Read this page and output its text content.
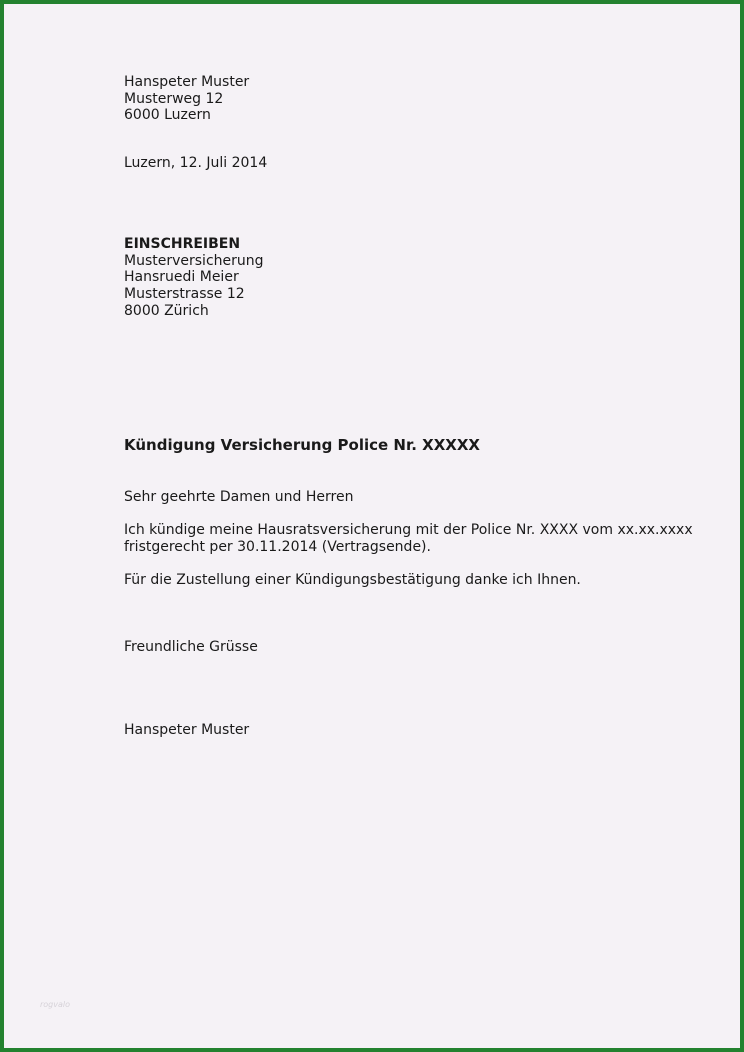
Hanspeter Muster
Musterweg 12
6000 Luzern
Luzern, 12. Juli 2014
EINSCHREIBEN
Musterversicherung
Hansruedi Meier
Musterstrasse 12
8000 Zürich
Kündigung Versicherung Police Nr. XXXXX
Sehr geehrte Damen und Herren
Ich kündige meine Hausratsversicherung mit der Police Nr. XXXX vom xx.xx.xxxx
fristgerecht per 30.11.2014 (Vertragsende).
Für die Zustellung einer Kündigungsbestätigung danke ich Ihnen.
Freundliche Grüsse
Hanspeter Muster
rogvalo
